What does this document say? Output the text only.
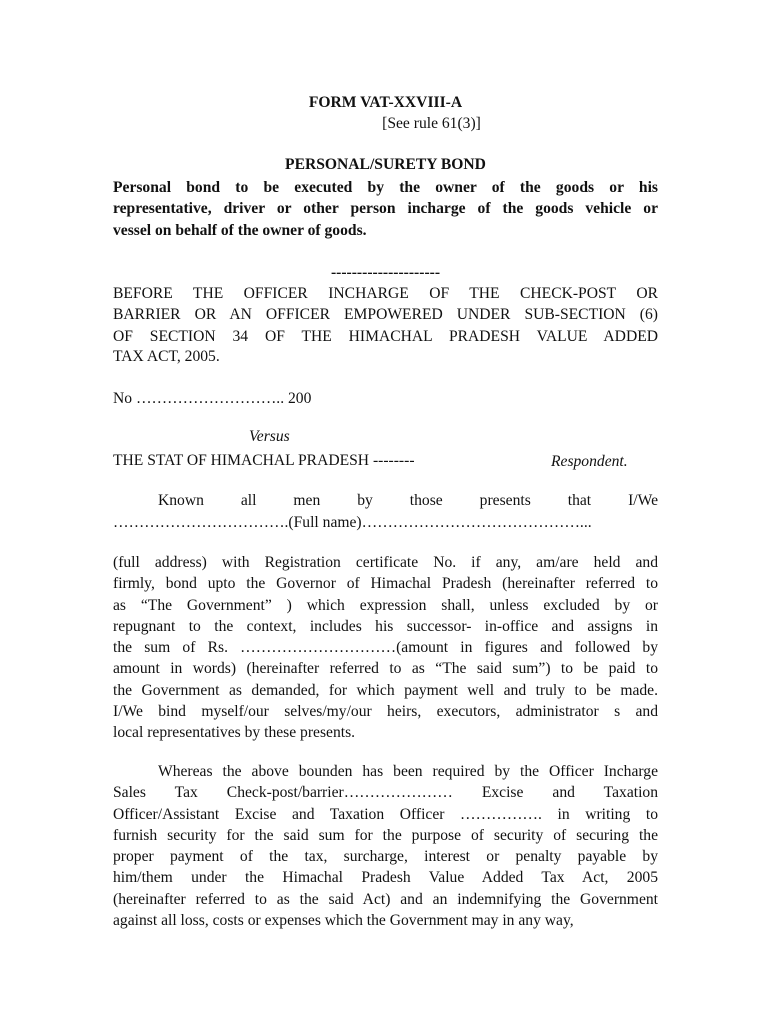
FORM VAT-XXVIII-A
[See rule 61(3)]
PERSONAL/SURETY BOND
Personal bond to be executed by the owner of the goods or his
representative, driver or other person incharge of the goods vehicle or
vessel on behalf of the owner of goods.
---------------------
BEFORE THE OFFICER INCHARGE OF THE CHECK-POST OR
BARRIER OR AN OFFICER EMPOWERED UNDER SUB-SECTION (6)
OF SECTION 34 OF THE HIMACHAL PRADESH VALUE ADDED
TAX ACT, 2005.
No ……………………….. 200
Versus
THE STAT OF HIMACHAL PRADESH --------	Respondent.
Known all men by those presents that I/We
…………………………….(Full name)……………………………………...
(full address) with Registration certificate No. if any, am/are held and
firmly, bond upto the Governor of Himachal Pradesh (hereinafter referred to
as “The Government” ) which expression shall, unless excluded by or
repugnant to the context, includes his successor- in-office and assigns in
the sum of Rs. …………………………(amount in figures and followed by
amount in words) (hereinafter referred to as “The said sum”) to be paid to
the Government as demanded, for which payment well and truly to be made.
I/We bind myself/our selves/my/our heirs, executors, administrator s and
local representatives by these presents.
Whereas the above bounden has been required by the Officer Incharge
Sales Tax Check-post/barrier………………… Excise and Taxation
Officer/Assistant Excise and Taxation Officer ……………. in writing to
furnish security for the said sum for the purpose of security of securing the
proper payment of the tax, surcharge, interest or penalty payable by
him/them under the Himachal Pradesh Value Added Tax Act, 2005
(hereinafter referred to as the said Act) and an indemnifying the Government
against all loss, costs or expenses which the Government may in any way,
